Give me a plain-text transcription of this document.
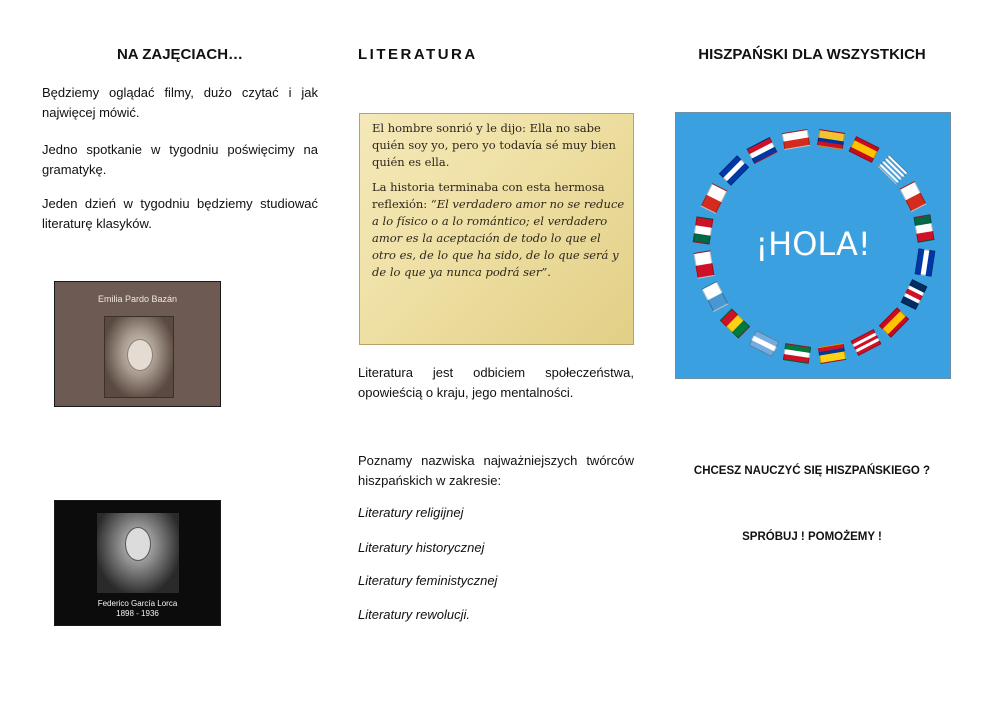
NA ZAJĘCIACH…

Będziemy oglądać filmy, dużo czytać i jak najwięcej mówić.

Jedno spotkanie w tygodniu poświęcimy na gramatykę.

Jeden dzień w tygodniu będziemy studiować literaturę klasyków.

Emilia Pardo Bazán
Federico García Lorca
1898 - 1936
LITERATURA

Literatura jest odbiciem społeczeństwa, opowieścią o kraju, jego mentalności.

Poznamy nazwiska najważniejszych twórców hiszpańskich w zakresie:

Literatury religijnej
Literatury historycznej
Literatury feministycznej
Literatury rewolucji.

El hombre sonrió y le dijo: Ella no sabe quién soy yo, pero yo todavía sé muy bien quién es ella.

La historia terminaba con esta hermosa reflexión: “El verdadero amor no se reduce a lo físico o a lo romántico; el verdadero amor es la aceptación de todo lo que el otro es, de lo que ha sido, de lo que será y de lo que ya nunca podrá ser”.

HISZPAŃSKI DLA WSZYSTKICH
¡HOLA!
CHCESZ NAUCZYĆ SIĘ HISZPAŃSKIEGO ?
SPRÓBUJ ! POMOŻEMY !
